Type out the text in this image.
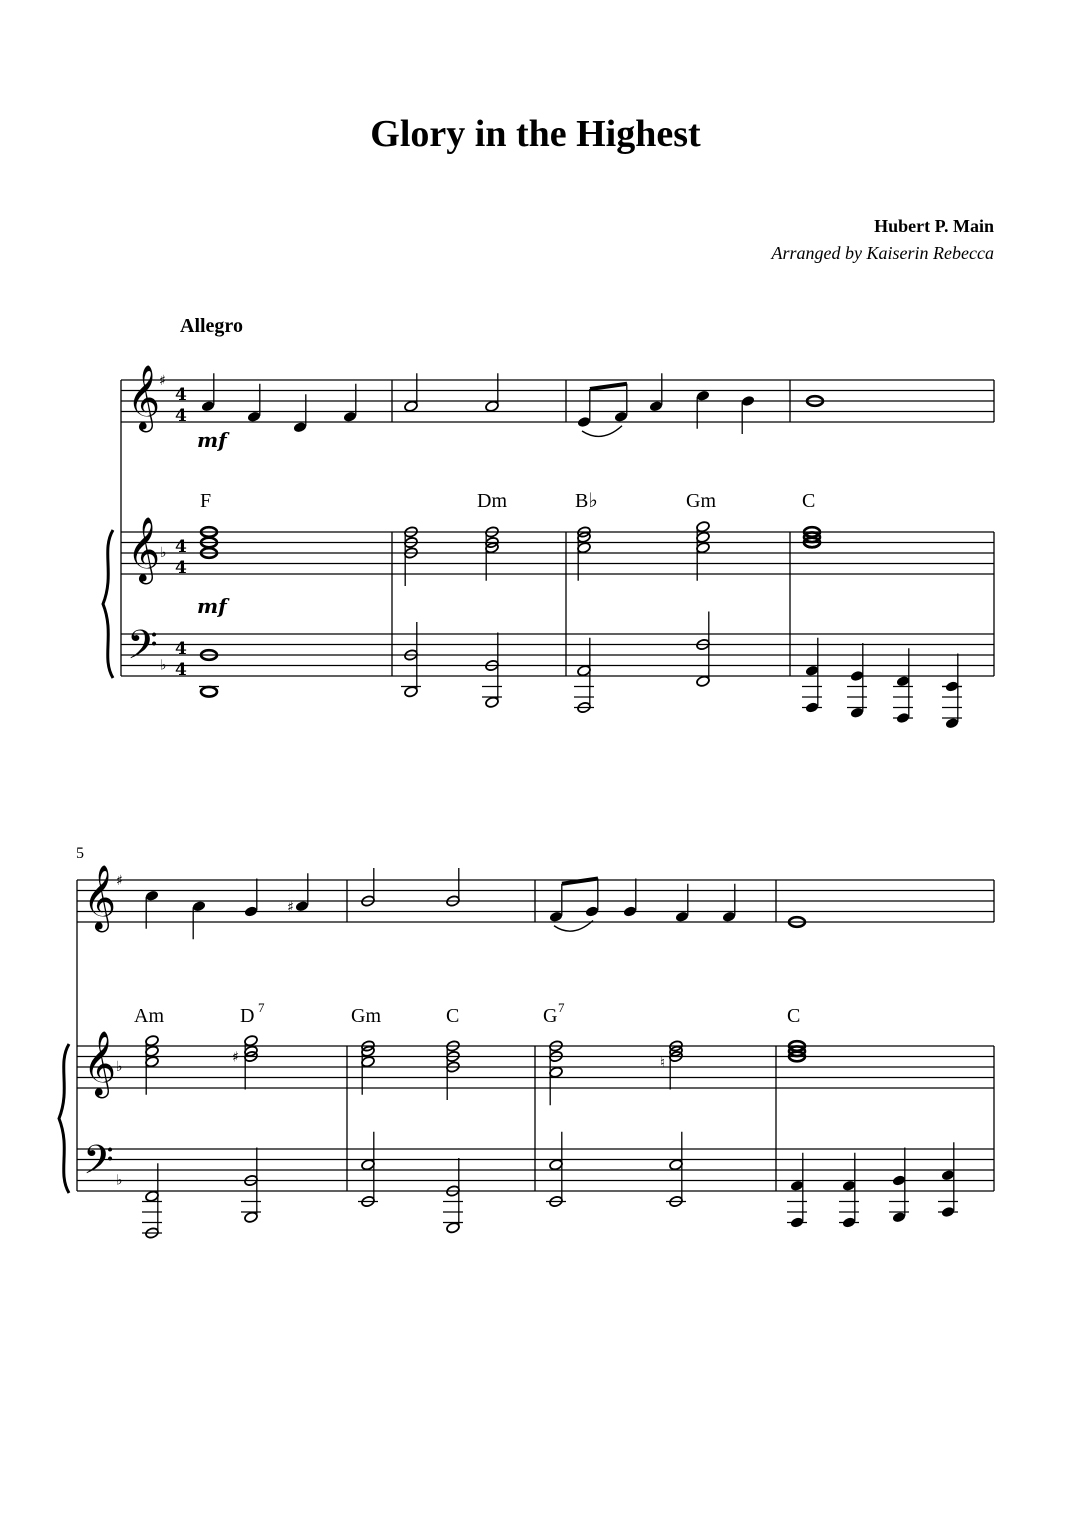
Glory in the Highest
Hubert P. Main
Arranged by Kaiserin Rebecca
Allegro
𝄞
𝄞
𝄢
♯
♭
♭
4
4
4
4
4
4
𝄞
𝄞
𝄢
♯
♭
♭
♯
♯	♮
mf
mf
5
F	Dm	B♭	Gm	C
Am	D 7	Gm	C	G 7	C
